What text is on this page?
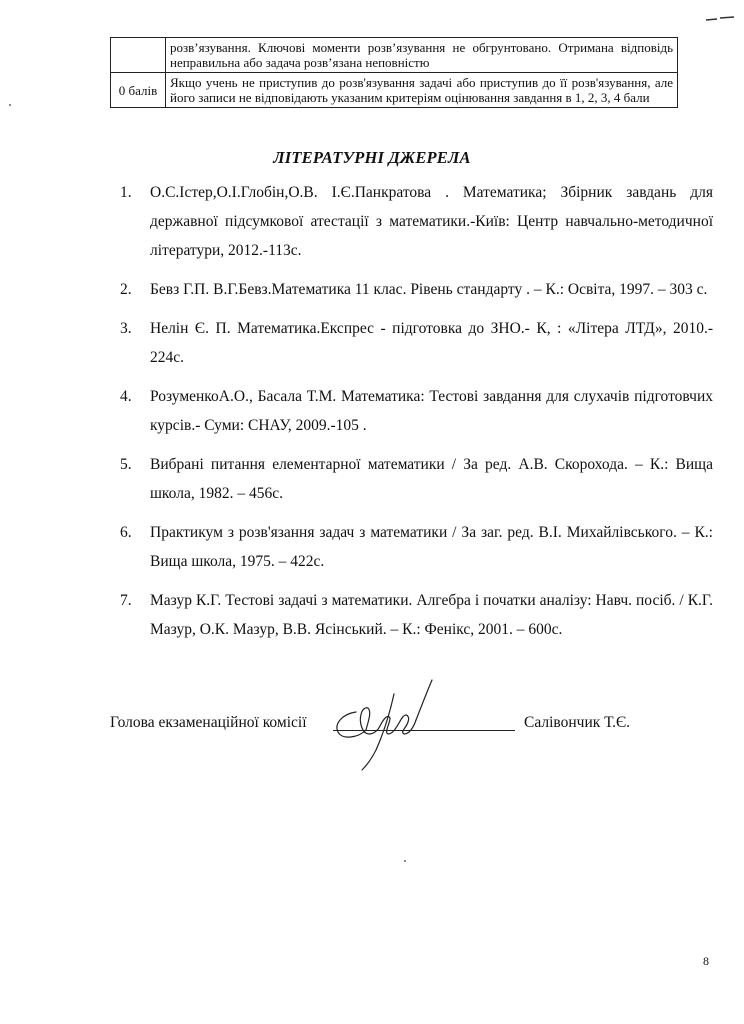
	розв’язування. Ключові моменти розв’язування не обгрунтовано. Отримана відповідь неправильна або задача розв’язана неповністю
0 балів	Якщо учень не приступив до розв'язування задачі або приступив до її розв'язування, але його записи не відповідають указаним критеріям оцінювання завдання в 1, 2, 3, 4 бали
ЛІТЕРАТУРНІ ДЖЕРЕЛА
1. О.С.Істер,О.І.Глобін,О.В. І.Є.Панкратова . Математика; Збірник завдань для державної підсумкової атестації з математики.-Київ: Центр навчально-методичної літератури, 2012.-113с.
2. Бевз Г.П. В.Г.Бевз.Математика 11 клас. Рівень стандарту . – К.: Освіта, 1997. – 303 с.
3. Нелін Є. П. Математика.Експрес - підготовка до ЗНО.- К, : «Літера ЛТД», 2010.- 224с.
4. РозуменкоА.О., Басала Т.М. Математика: Тестові завдання для слухачів підготовчих курсів.- Суми: СНАУ, 2009.-105 .
5. Вибрані питання елементарної математики / За ред. А.В. Скорохода. – К.: Вища школа, 1982. – 456с.
6. Практикум з розв'язання задач з математики / За заг. ред. В.І. Михайлівського. – К.: Вища школа, 1975. – 422с.
7. Мазур К.Г. Тестові задачі з математики. Алгебра і початки аналізу: Навч. посіб. / К.Г. Мазур, О.К. Мазур, В.В. Ясінський. – К.: Фенікс, 2001. – 600с.
Голова екзаменаційної комісії	Салівончик Т.Є.
8
